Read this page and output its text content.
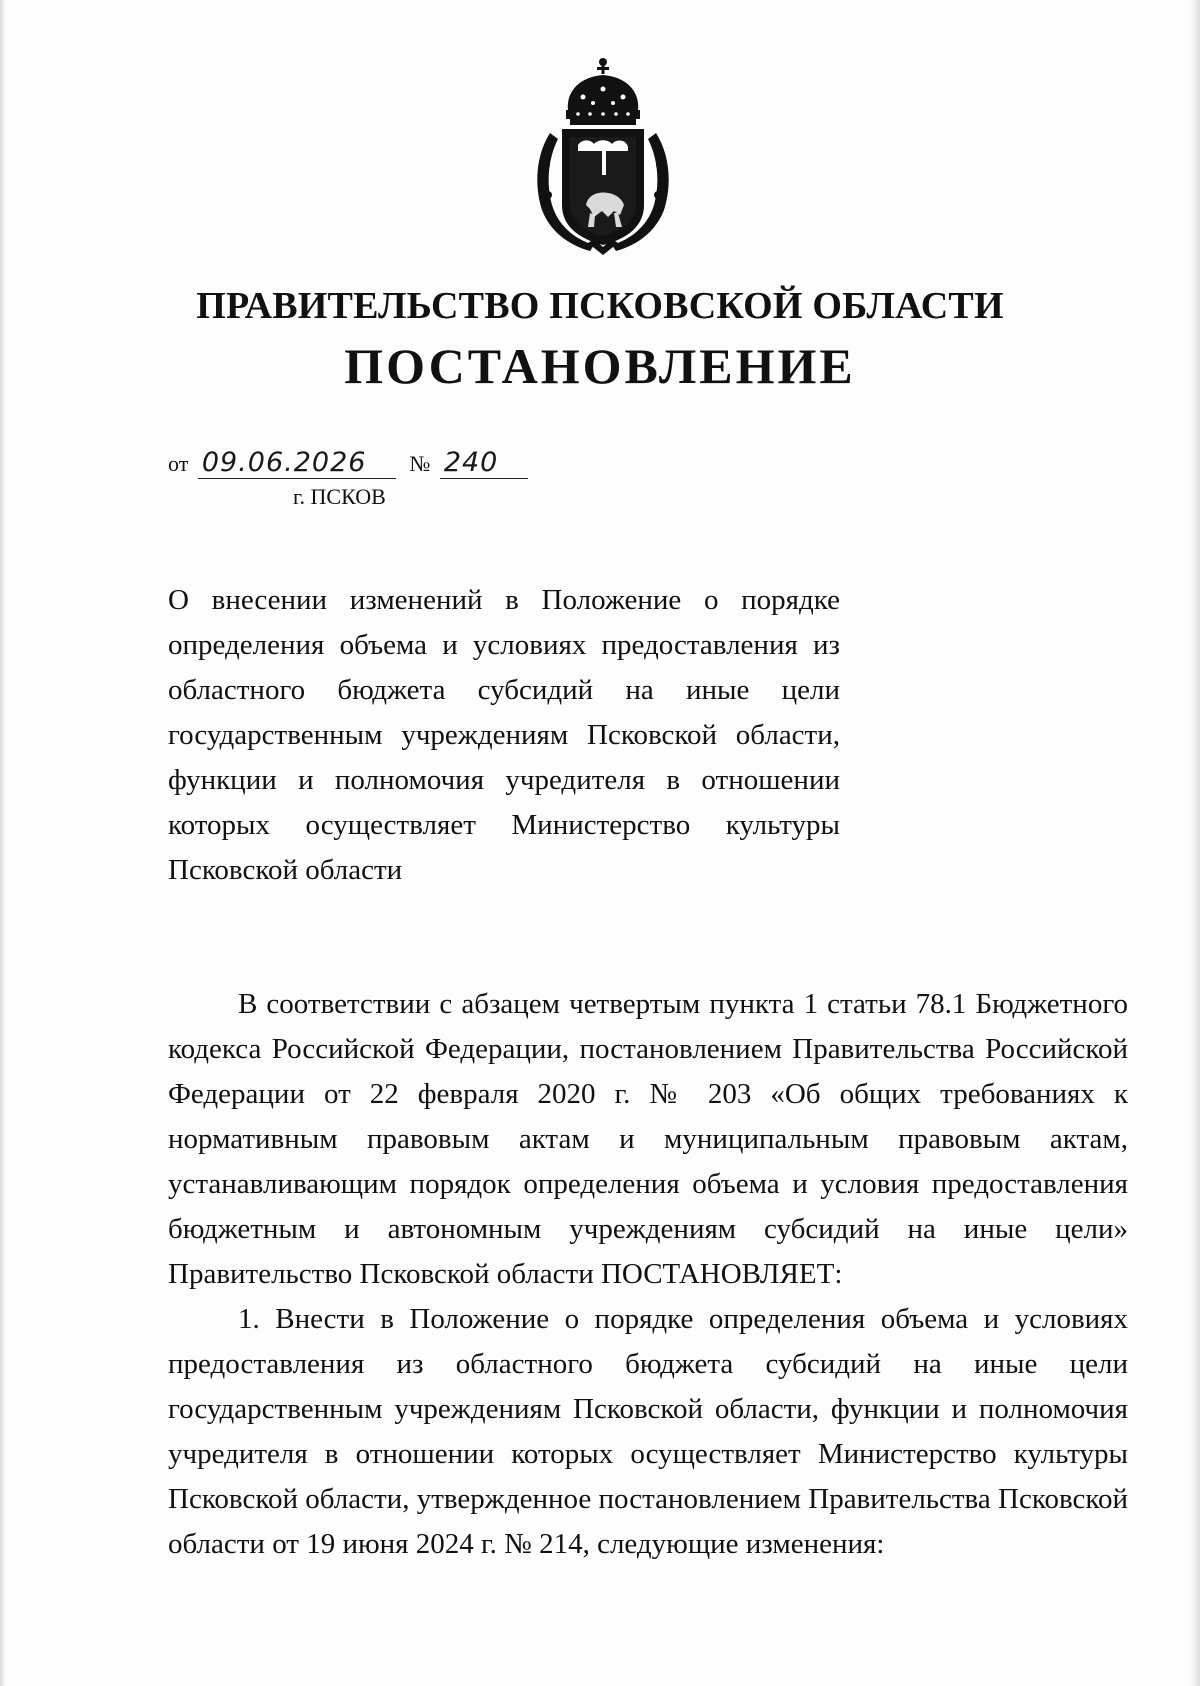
ПРАВИТЕЛЬСТВО ПСКОВСКОЙ ОБЛАСТИ
ПОСТАНОВЛЕНИЕ
от 09.06.2026 № 240
г. ПСКОВ

О внесении изменений в Положение о порядке определения объема и условиях предоставления из областного бюджета субсидий на иные цели государственным учреждениям Псковской области, функции и полномочия учредителя в отношении которых осуществляет Министерство культуры Псковской области

В соответствии с абзацем четвертым пункта 1 статьи 78.1 Бюджетного кодекса Российской Федерации, постановлением Правительства Российской Федерации от 22 февраля 2020 г. № 203 «Об общих требованиях к нормативным правовым актам и муниципальным правовым актам, устанавливающим порядок определения объема и условия предоставления бюджетным и автономным учреждениям субсидий на иные цели» Правительство Псковской области ПОСТАНОВЛЯЕТ:

1. Внести в Положение о порядке определения объема и условиях предоставления из областного бюджета субсидий на иные цели государственным учреждениям Псковской области, функции и полномочия учредителя в отношении которых осуществляет Министерство культуры Псковской области, утвержденное постановлением Правительства Псковской области от 19 июня 2024 г. № 214, следующие изменения:
